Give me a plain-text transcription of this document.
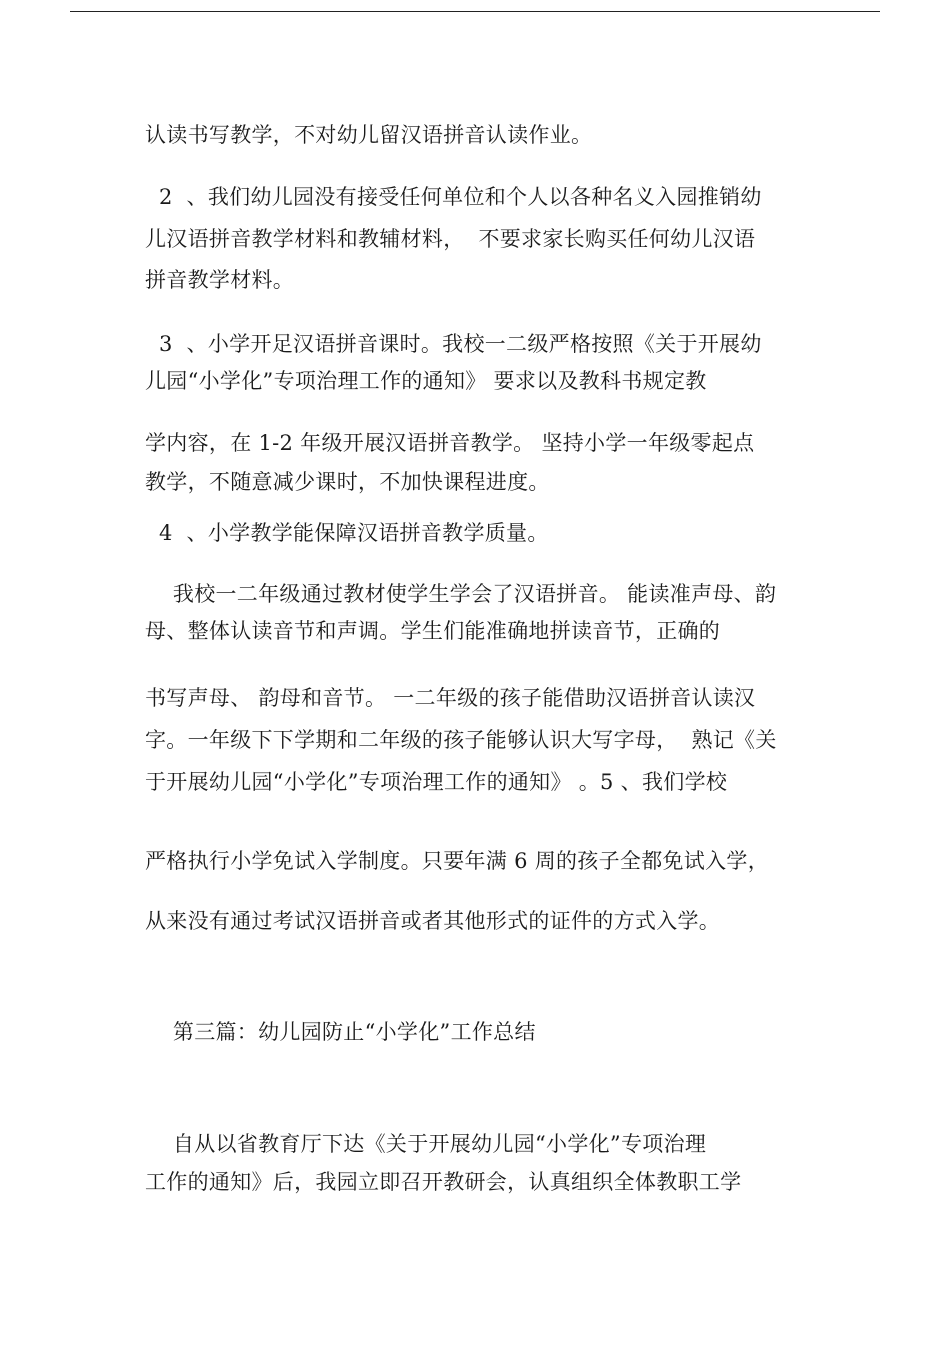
认读书写教学，不对幼儿留汉语拼音认读作业。
2  、我们幼儿园没有接受任何单位和个人以各种名义入园推销幼
儿汉语拼音教学材料和教辅材料，  不要求家长购买任何幼儿汉语
拼音教学材料。
3  、小学开足汉语拼音课时。我校一二级严格按照《关于开展幼
儿园“小学化”专项治理工作的通知》 要求以及教科书规定教
学内容，在 1-2 年级开展汉语拼音教学。 坚持小学一年级零起点
教学，不随意减少课时，不加快课程进度。
4  、小学教学能保障汉语拼音教学质量。
我校一二年级通过教材使学生学会了汉语拼音。 能读准声母、韵
母、整体认读音节和声调。学生们能准确地拼读音节，正确的
书写声母、 韵母和音节。 一二年级的孩子能借助汉语拼音认读汉
字。一年级下下学期和二年级的孩子能够认识大写字母，  熟记《关
于开展幼儿园“小学化”专项治理工作的通知》 。5 、我们学校
严格执行小学免试入学制度。只要年满 6 周的孩子全都免试入学，
从来没有通过考试汉语拼音或者其他形式的证件的方式入学。
第三篇：幼儿园防止“小学化”工作总结
自从以省教育厅下达《关于开展幼儿园“小学化”专项治理
工作的通知》后，我园立即召开教研会，认真组织全体教职工学
